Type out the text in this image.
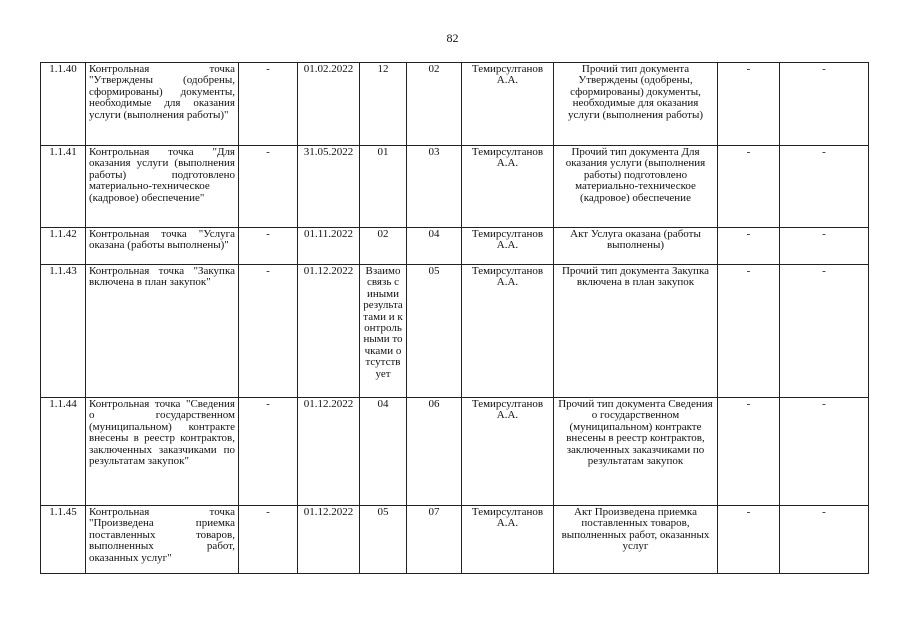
82
1.1.40	Контрольная точка "Утверждены (одобрены, сформированы) документы, необходимые для оказания услуги (выполнения работы)"	-	01.02.2022	12	02	Темирсултанов А.А.	Прочий тип документа Утверждены (одобрены, сформированы) документы, необходимые для оказания услуги (выполнения работы)	-	-
1.1.41	Контрольная точка "Для оказания услуги (выполнения работы) подготовлено материально-техническое (кадровое) обеспечение"	-	31.05.2022	01	03	Темирсултанов А.А.	Прочий тип документа Для оказания услуги (выполнения работы) подготовлено материально-техническое (кадровое) обеспечение	-	-
1.1.42	Контрольная точка "Услуга оказана (работы выполнены)"	-	01.11.2022	02	04	Темирсултанов А.А.	Акт Услуга оказана (работы выполнены)	-	-
1.1.43	Контрольная точка "Закупка включена в план закупок"	-	01.12.2022	Взаимосвязь с иными результатами и контрольными точками отсутствует	05	Темирсултанов А.А.	Прочий тип документа Закупка включена в план закупок	-	-
1.1.44	Контрольная точка "Сведения о государственном (муниципальном) контракте внесены в реестр контрактов, заключенных заказчиками по результатам закупок"	-	01.12.2022	04	06	Темирсултанов А.А.	Прочий тип документа Сведения о государственном (муниципальном) контракте внесены в реестр контрактов, заключенных заказчиками по результатам закупок	-	-
1.1.45	Контрольная точка "Произведена приемка поставленных товаров, выполненных работ, оказанных услуг"	-	01.12.2022	05	07	Темирсултанов А.А.	Акт Произведена приемка поставленных товаров, выполненных работ, оказанных услуг	-	-
